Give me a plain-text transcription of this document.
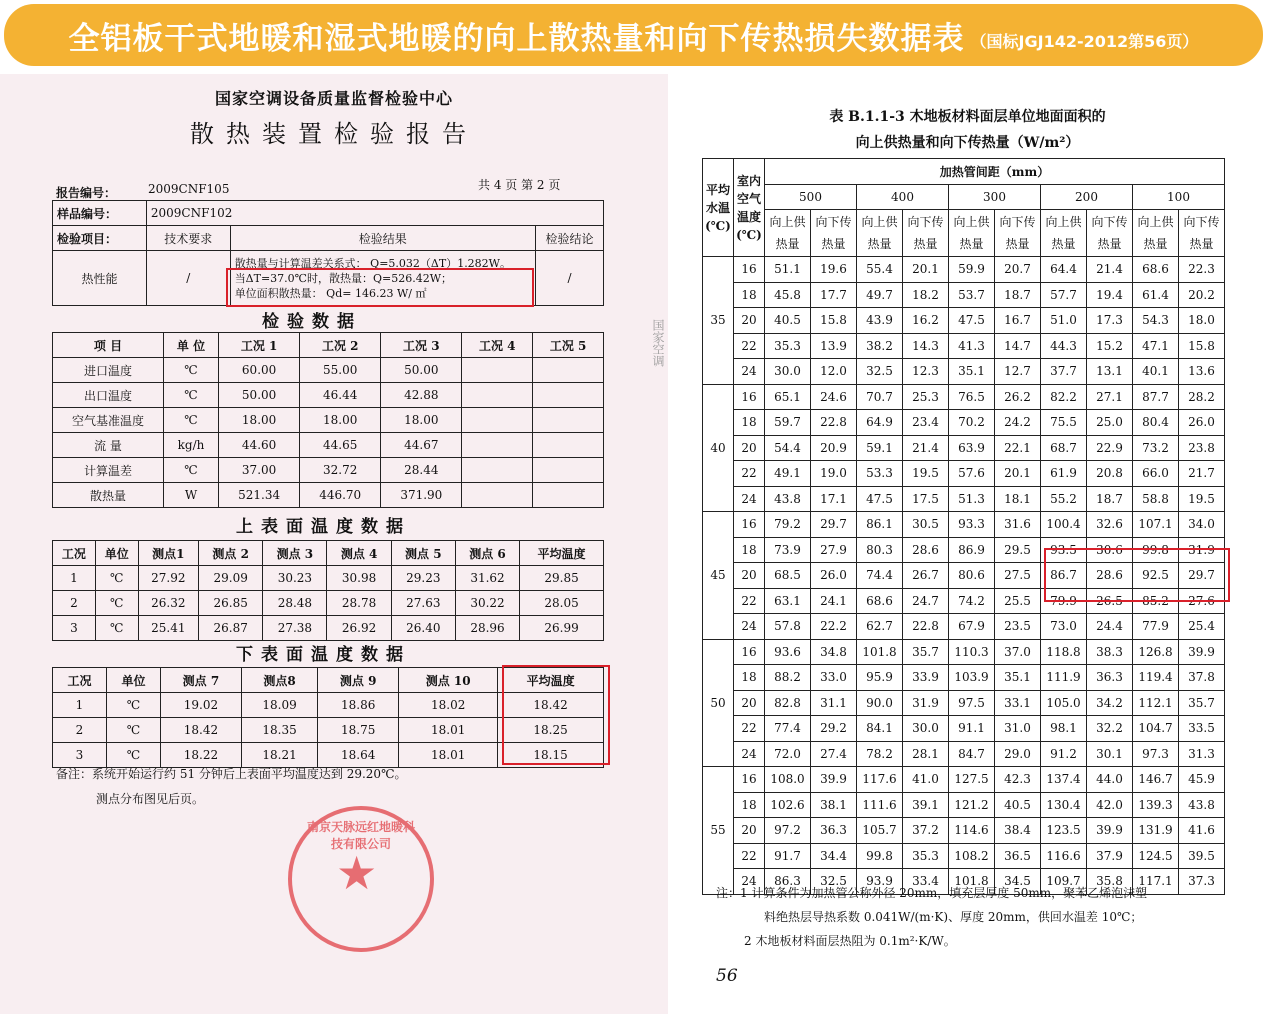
全铝板干式地暖和湿式地暖的向上散热量和向下传热损失数据表 （国标JGJ142-2012第56页）
国家空调设备质量监督检验中心
散热装置检验报告
报告编号：	2009CNF105	共 4 页 第 2 页
样品编号：	2009CNF102		
检验项目：	技术要求	检验结果	检验结论
热性能	/	散热量与计算温差关系式： Q=5.032（ΔT）1.282W。
当ΔT=37.0℃时，散热量：Q=526.42W；
单位面积散热量： Qd= 146.23 W/ ㎡	/
检验数据
项 目	单 位	工况 1	工况 2	工况 3	工况 4	工况 5
进口温度	℃	60.00	55.00	50.00		
出口温度	℃	50.00	46.44	42.88		
空气基准温度	℃	18.00	18.00	18.00		
流 量	kg/h	44.60	44.65	44.67		
计算温差	℃	37.00	32.72	28.44		
散热量	W	521.34	446.70	371.90		
上表面温度数据
工况	单位	测点1	测点 2	测点 3	测点 4	测点 5	测点 6	平均温度
1	℃	27.92	29.09	30.23	30.98	29.23	31.62	29.85
2	℃	26.32	26.85	28.48	28.78	27.63	30.22	28.05
3	℃	25.41	26.87	27.38	26.92	26.40	28.96	26.99
下表面温度数据
工况	单位	测点 7	测点8	测点 9	测点 10	平均温度
1	℃	19.02	18.09	18.86	18.02	18.42
2	℃	18.42	18.35	18.75	18.01	18.25
3	℃	18.22	18.21	18.64	18.01	18.15
备注：系统开始运行约 51 分钟后上表面平均温度达到 29.20℃。
测点分布图见后页。
南京天脉远红地暖科技有限公司
★
国家空调
表 B.1.1-3 木地板材料面层单位地面面积的
向上供热量和向下传热量（W/m²）
平均水温(℃)	室内空气温度(℃)	加热管间距（mm）									
		500		400		300		200		100	
		向上供热量	向下传热量	向上供热量	向下传热量	向上供热量	向下传热量	向上供热量	向下传热量	向上供热量	向下传热量
35	16	51.1	19.6	55.4	20.1	59.9	20.7	64.4	21.4	68.6	22.3
	18	45.8	17.7	49.7	18.2	53.7	18.7	57.7	19.4	61.4	20.2
	20	40.5	15.8	43.9	16.2	47.5	16.7	51.0	17.3	54.3	18.0
	22	35.3	13.9	38.2	14.3	41.3	14.7	44.3	15.2	47.1	15.8
	24	30.0	12.0	32.5	12.3	35.1	12.7	37.7	13.1	40.1	13.6
40	16	65.1	24.6	70.7	25.3	76.5	26.2	82.2	27.1	87.7	28.2
	18	59.7	22.8	64.9	23.4	70.2	24.2	75.5	25.0	80.4	26.0
	20	54.4	20.9	59.1	21.4	63.9	22.1	68.7	22.9	73.2	23.8
	22	49.1	19.0	53.3	19.5	57.6	20.1	61.9	20.8	66.0	21.7
	24	43.8	17.1	47.5	17.5	51.3	18.1	55.2	18.7	58.8	19.5
45	16	79.2	29.7	86.1	30.5	93.3	31.6	100.4	32.6	107.1	34.0
	18	73.9	27.9	80.3	28.6	86.9	29.5	93.5	30.6	99.8	31.9
	20	68.5	26.0	74.4	26.7	80.6	27.5	86.7	28.6	92.5	29.7
	22	63.1	24.1	68.6	24.7	74.2	25.5	79.9	26.5	85.2	27.6
	24	57.8	22.2	62.7	22.8	67.9	23.5	73.0	24.4	77.9	25.4
50	16	93.6	34.8	101.8	35.7	110.3	37.0	118.8	38.3	126.8	39.9
	18	88.2	33.0	95.9	33.9	103.9	35.1	111.9	36.3	119.4	37.8
	20	82.8	31.1	90.0	31.9	97.5	33.1	105.0	34.2	112.1	35.7
	22	77.4	29.2	84.1	30.0	91.1	31.0	98.1	32.2	104.7	33.5
	24	72.0	27.4	78.2	28.1	84.7	29.0	91.2	30.1	97.3	31.3
55	16	108.0	39.9	117.6	41.0	127.5	42.3	137.4	44.0	146.7	45.9
	18	102.6	38.1	111.6	39.1	121.2	40.5	130.4	42.0	139.3	43.8
	20	97.2	36.3	105.7	37.2	114.6	38.4	123.5	39.9	131.9	41.6
	22	91.7	34.4	99.8	35.3	108.2	36.5	116.6	37.9	124.5	39.5
	24	86.3	32.5	93.9	33.4	101.8	34.5	109.7	35.8	117.1	37.3
注：1 计算条件为加热管公称外径 20mm，填充层厚度 50mm，聚苯乙烯泡沫塑
料绝热层导热系数 0.041W/(m·K)、厚度 20mm，供回水温差 10℃；
2 木地板材料面层热阻为 0.1m²·K/W。
56
